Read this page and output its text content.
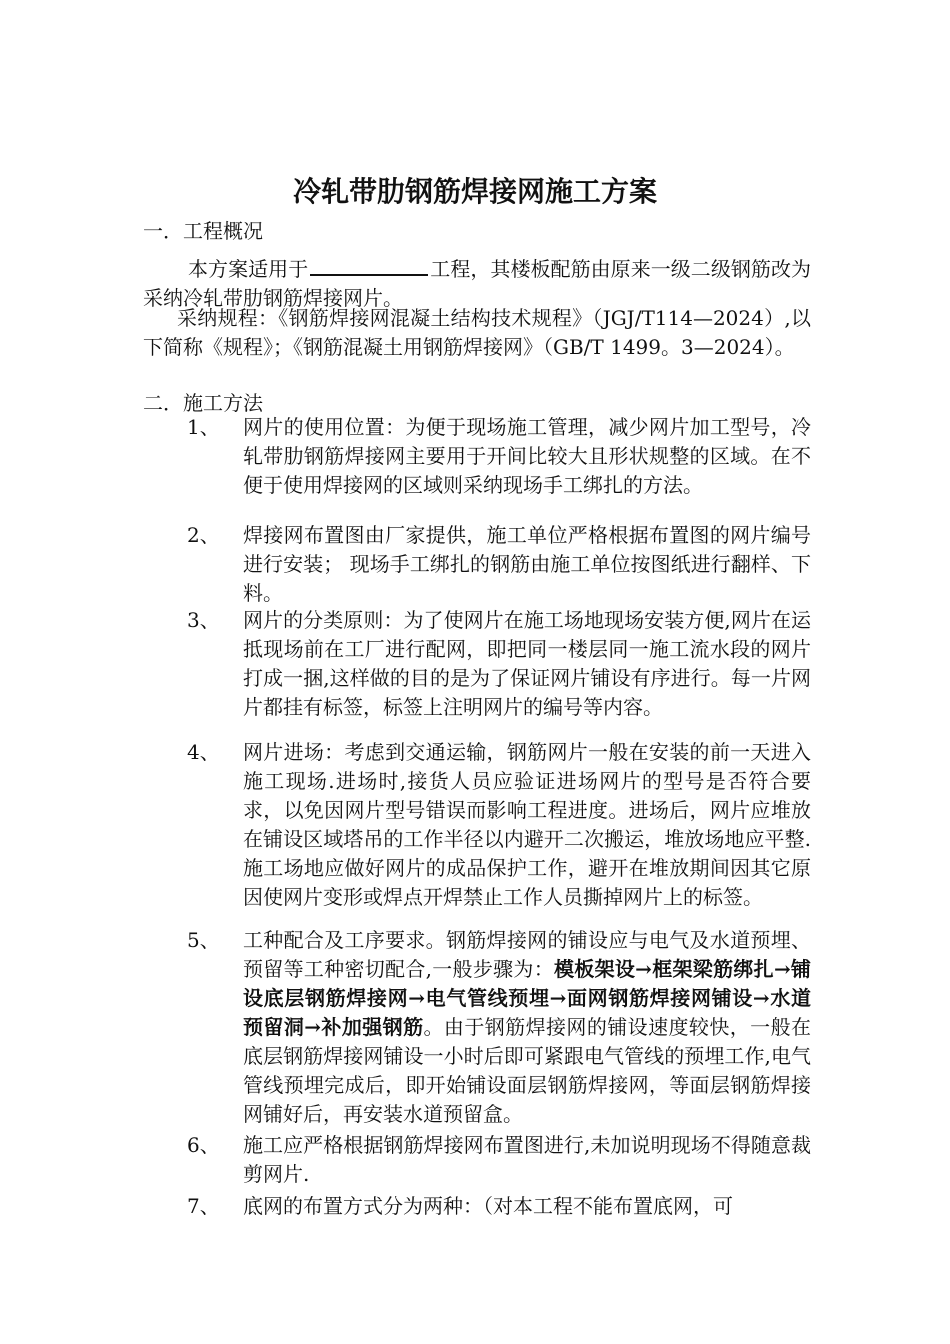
冷轧带肋钢筋焊接网施工方案
一．工程概况

本方案适用于	工程，其楼板配筋由原来一级二级钢筋改为采纳冷轧带肋钢筋焊接网片。

采纳规程：《钢筋焊接网混凝土结构技术规程》（JGJ/T114—2024）,以下简称《规程》；《钢筋混凝土用钢筋焊接网》（GB/T 1499。3—2024）。

二．施工方法
1、 网片的使用位置：为便于现场施工管理，减少网片加工型号，冷轧带肋钢筋焊接网主要用于开间比较大且形状规整的区域。在不便于使用焊接网的区域则采纳现场手工绑扎的方法。
2、 焊接网布置图由厂家提供，施工单位严格根据布置图的网片编号进行安装； 现场手工绑扎的钢筋由施工单位按图纸进行翻样、下料。
3、 网片的分类原则：为了使网片在施工场地现场安装方便,网片在运抵现场前在工厂进行配网，即把同一楼层同一施工流水段的网片打成一捆,这样做的目的是为了保证网片铺设有序进行。每一片网片都挂有标签，标签上注明网片的编号等内容。
4、 网片进场：考虑到交通运输，钢筋网片一般在安装的前一天进入施工现场.进场时,接货人员应验证进场网片的型号是否符合要求，以免因网片型号错误而影响工程进度。进场后，网片应堆放在铺设区域塔吊的工作半径以内避开二次搬运，堆放场地应平整.施工场地应做好网片的成品保护工作，避开在堆放期间因其它原因使网片变形或焊点开焊禁止工作人员撕掉网片上的标签。
5、 工种配合及工序要求。钢筋焊接网的铺设应与电气及水道预埋、预留等工种密切配合,一般步骤为：模板架设→框架梁筋绑扎→铺设底层钢筋焊接网→电气管线预埋→面网钢筋焊接网铺设→水道预留洞→补加强钢筋。由于钢筋焊接网的铺设速度较快，一般在底层钢筋焊接网铺设一小时后即可紧跟电气管线的预埋工作,电气管线预埋完成后，即开始铺设面层钢筋焊接网，等面层钢筋焊接网铺好后，再安装水道预留盒。
6、 施工应严格根据钢筋焊接网布置图进行,未加说明现场不得随意裁剪网片.
7、 底网的布置方式分为两种：（对本工程不能布置底网，可
